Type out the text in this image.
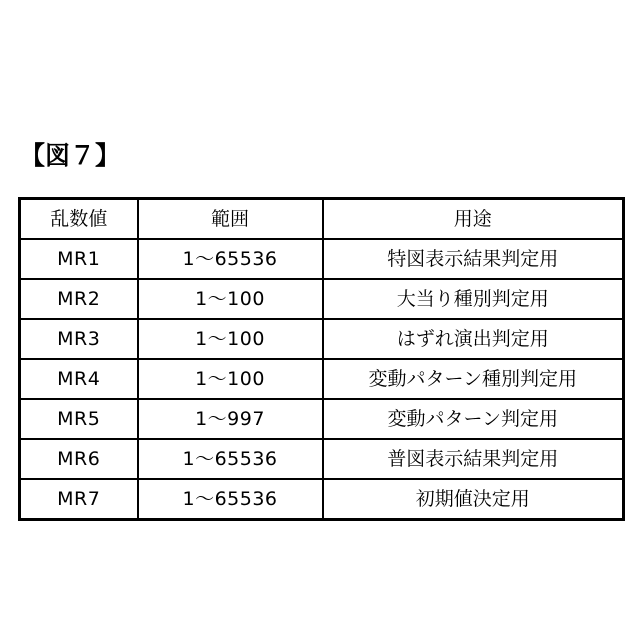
【図７】
乱数値	範囲	用途
MR1	1〜65536	特図表示結果判定用
MR2	1〜100	大当り種別判定用
MR3	1〜100	はずれ演出判定用
MR4	1〜100	変動パターン種別判定用
MR5	1〜997	変動パターン判定用
MR6	1〜65536	普図表示結果判定用
MR7	1〜65536	初期値決定用
